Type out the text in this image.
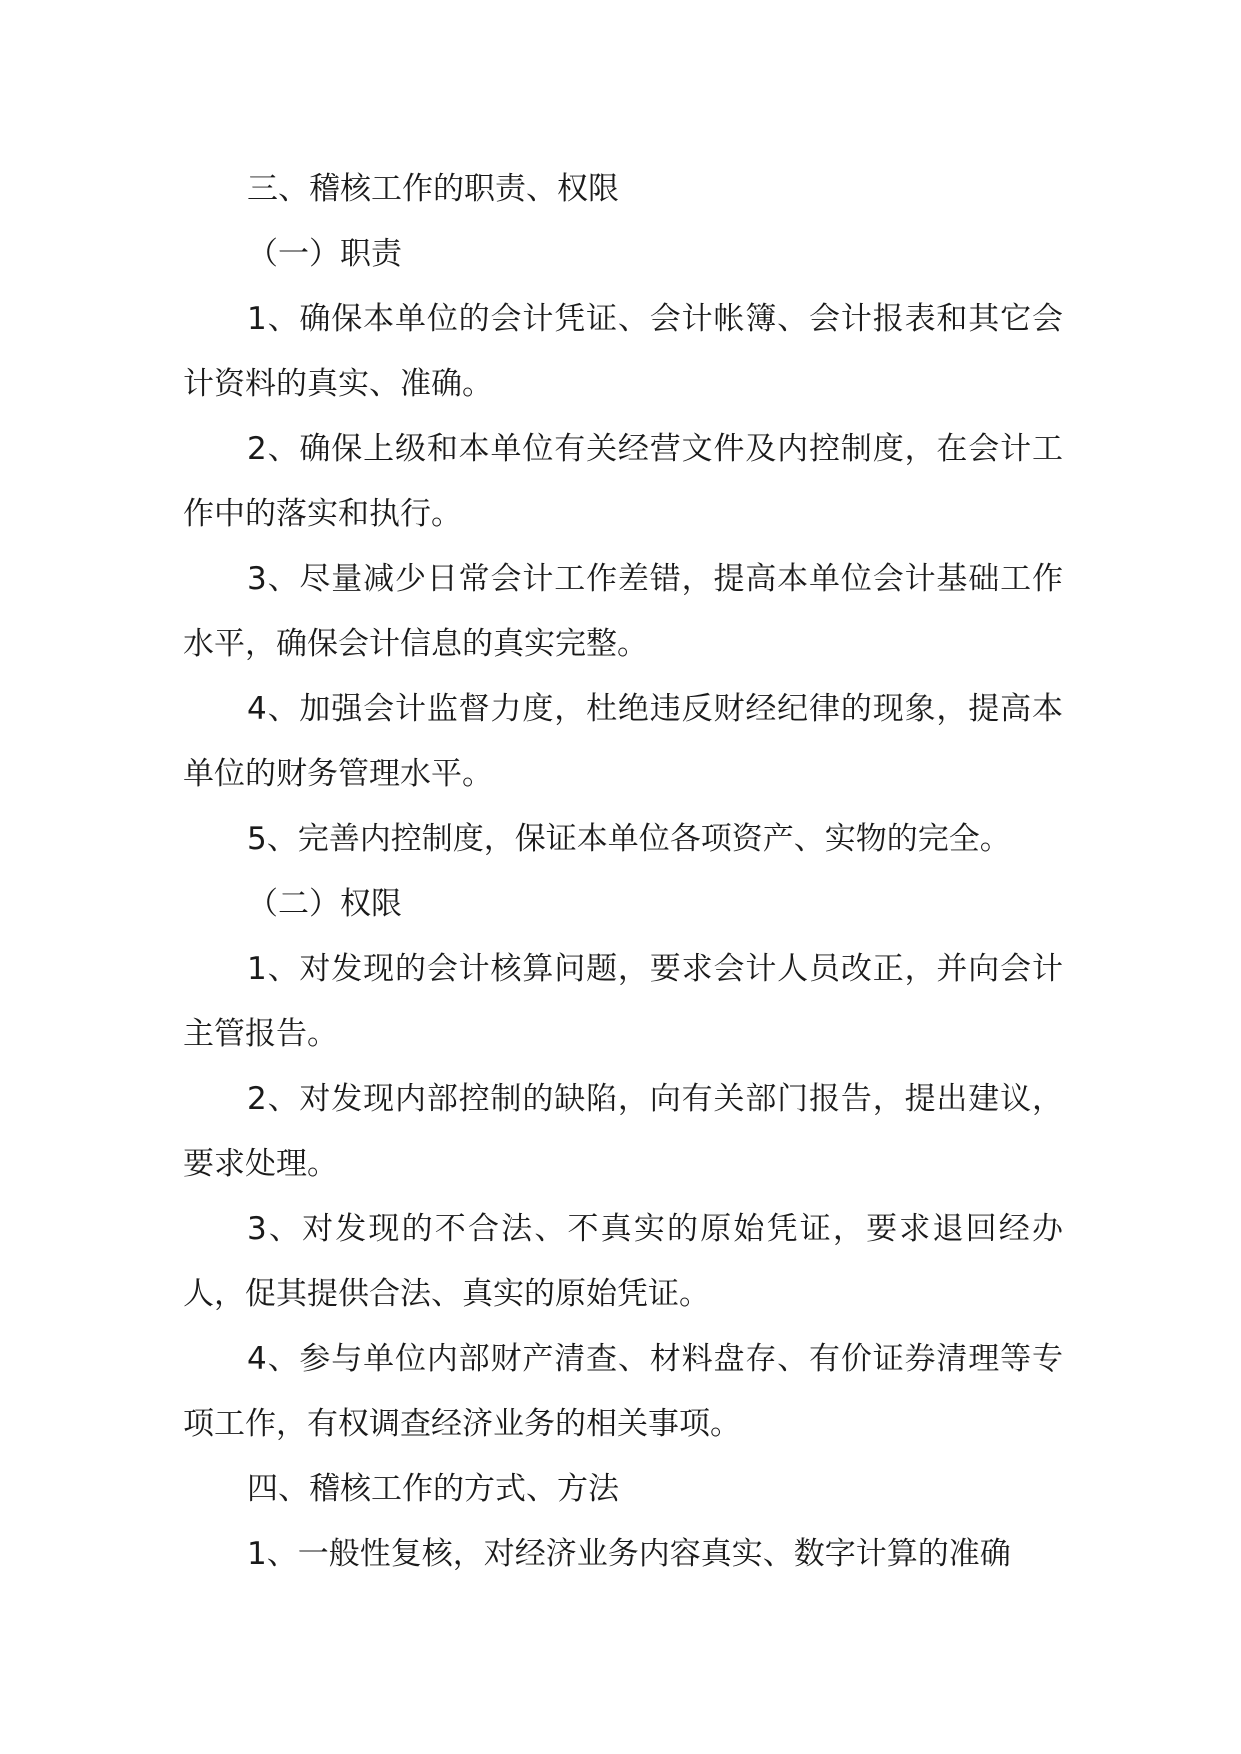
三、稽核工作的职责、权限

（一）职责

1、确保本单位的会计凭证、会计帐簿、会计报表和其它会计资料的真实、准确。

2、确保上级和本单位有关经营文件及内控制度，在会计工作中的落实和执行。

3、尽量减少日常会计工作差错，提高本单位会计基础工作水平，确保会计信息的真实完整。

4、加强会计监督力度，杜绝违反财经纪律的现象，提高本单位的财务管理水平。

5、完善内控制度，保证本单位各项资产、实物的完全。

（二）权限

1、对发现的会计核算问题，要求会计人员改正，并向会计主管报告。

2、对发现内部控制的缺陷，向有关部门报告，提出建议，要求处理。

3、对发现的不合法、不真实的原始凭证，要求退回经办人，促其提供合法、真实的原始凭证。

4、参与单位内部财产清查、材料盘存、有价证券清理等专项工作，有权调查经济业务的相关事项。

四、稽核工作的方式、方法

1、一般性复核，对经济业务内容真实、数字计算的准确
